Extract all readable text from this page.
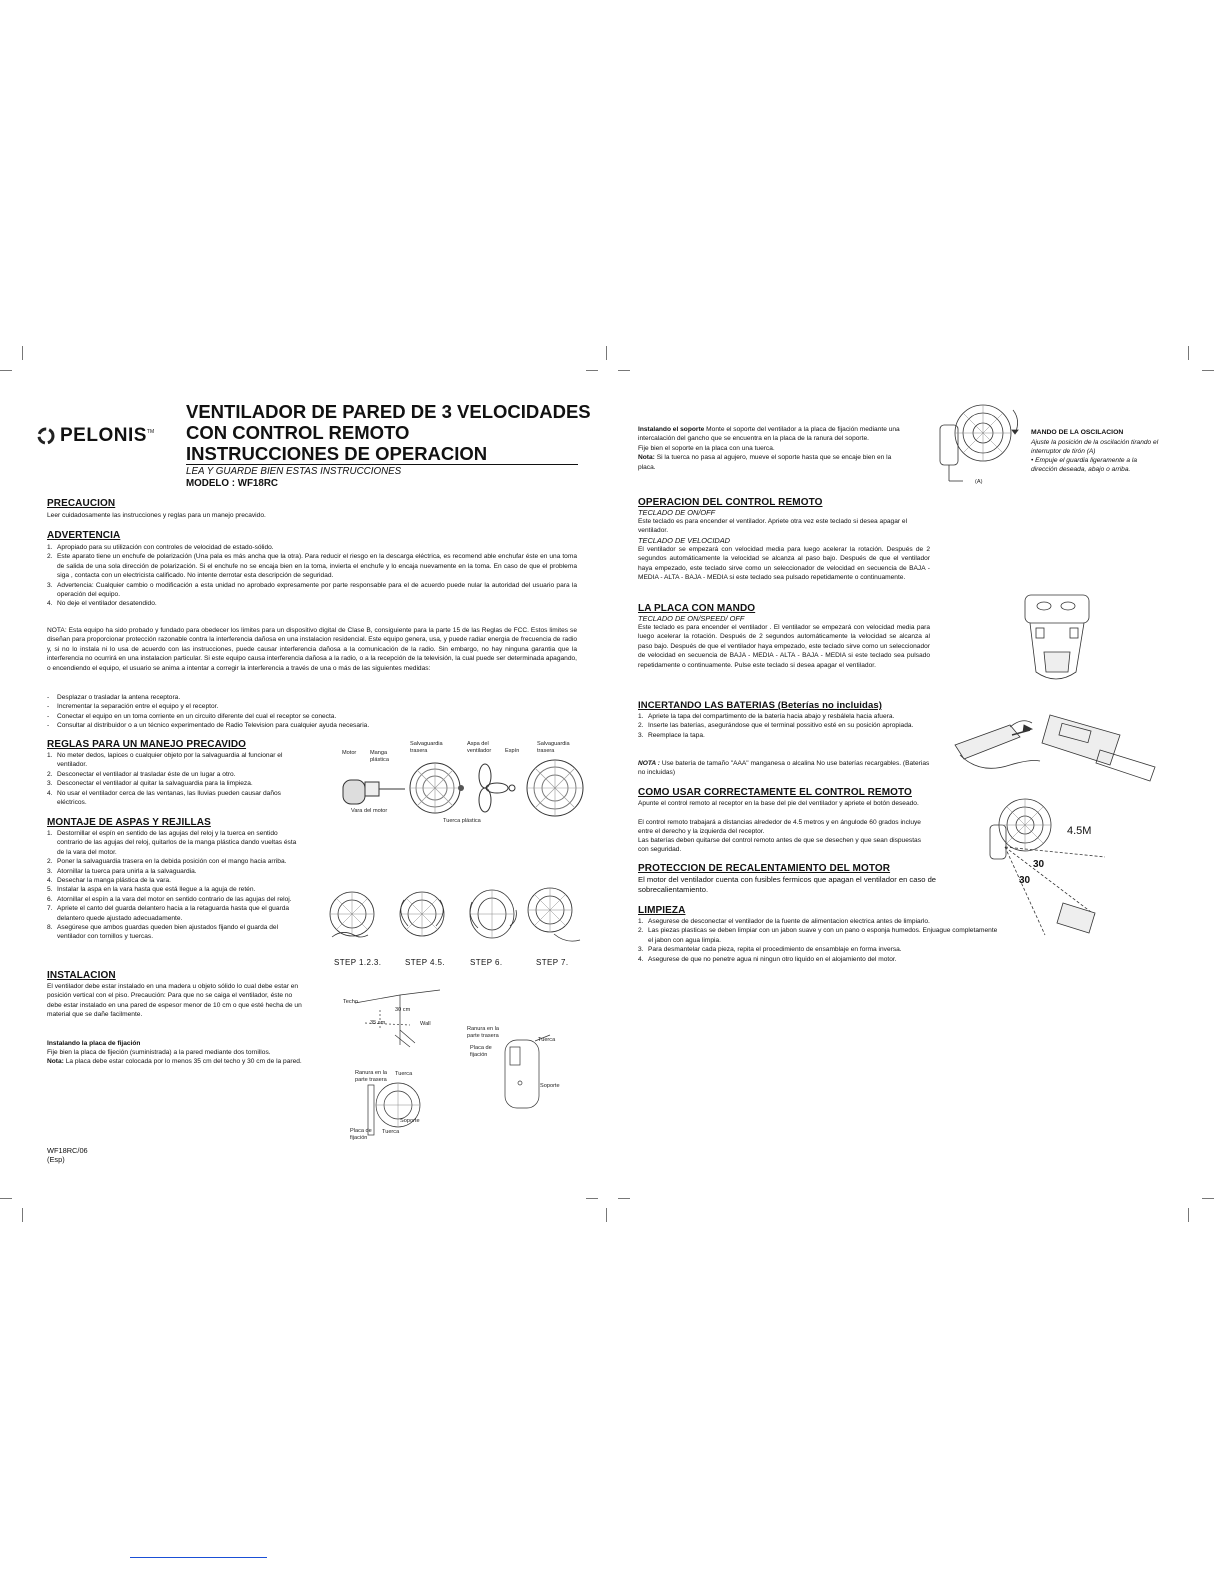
PELONIS TM
VENTILADOR DE PARED DE 3 VELOCIDADES
CON CONTROL REMOTO
INSTRUCCIONES DE OPERACION
LEA Y GUARDE BIEN ESTAS INSTRUCCIONES
MODELO : WF18RC
PRECAUCION
Leer cuidadosamente las instrucciones y reglas para un manejo precavido.
ADVERTENCIA
1. Apropiado para su utilización con controles de velocidad de estado-sólido.
2. Este aparato tiene un enchufe de polarización (Una pala es más ancha que la otra). Para reducir el riesgo en la descarga eléctrica, es recomend able enchufar éste en una toma de salida de una sola dirección de polarización. Si el enchufe no se encaja bien en la toma, invierta el enchufe y lo encaja nuevamente en la toma. En caso de que el problema siga , contacta con un electricista calificado. No intente derrotar esta descripción de seguridad.
3. Advertencia: Cualquier cambio o modificación a esta unidad no aprobado expresamente por parte responsable para el de acuerdo puede nular la autoridad del usuario para la operación del equipo.
4. No deje el ventilador desatendido.
NOTA: Esta equipo ha sido probado y fundado para obedecer los limites para un dispositivo digital de Clase B, consiguiente para la parte 15 de las Reglas de FCC. Estos limites se diseñan para proporcionar protección razonable contra la interferencia dañosa en una instalacion residencial. Este equipo genera, usa, y puede radiar energia de frecuencia de radio y, si no lo instala ni lo usa de acuerdo con las instrucciones, puede causar interferencia dañosa a la comunicación de la radio. Sin embargo, no hay ninguna garantia que la interferencia no ocurrirá en una instalacion particular. Si este equipo causa interferencia dañosa a la radio, o a la recepción de la televisión, la cual puede ser determinada apagando, o encendiendo el equipo, el usuario se anima a intentar a corregir la interferencia a través de una o más de las siguientes medidas:
-	Desplazar o trasladar la antena receptora.
-	Incrementar la separación entre el equipo y el receptor.
-	Conectar el equipo en un toma corriente en un circuito diferente del cual el receptor se conecta.
-	Consultar al distribuidor o a un técnico experimentado de Radio Television para cualquier ayuda necesaria.
REGLAS PARA UN MANEJO PRECAVIDO
1. No meter dedos, lapices o cualquier objeto por la salvaguardia al funcionar el ventilador.
2. Desconectar el ventilador al trasladar éste de un lugar a otro.
3. Desconectar el ventilador al quitar la salvaguardia para la limpieza.
4. No usar el ventilador cerca de las ventanas, las lluvias pueden causar daños eléctricos.
Motor Manga plástica
Salvaguardia trasera
Aspa del ventilador	Espín
Salvaguardia trasera
Vara del motor
Tuerca plástica
MONTAJE DE ASPAS Y REJILLAS
1. Destornillar el espín en sentido de las agujas del reloj y la tuerca en sentido contrario de las agujas del reloj, quitarlos de la manga plástica dando vueltas ésta de la vara del motor.
2. Poner la salvaguardia trasera en la debida posición con el mango hacia arriba.
3. Atornillar la tuerca para unirla a la salvaguardia.
4. Desechar la manga plástica de la vara.
5. Instalar la aspa en la vara hasta que está llegue a la aguja de retén.
6. Atornillar el espín a la vara del motor en sentido contrario de las agujas del reloj.
7. Apriete el canto del guarda delantero hacia a la retaguarda hasta que el guarda delantero quede ajustado adecuadamente.
8. Asegúrese que ambos guardas queden bien ajustados fijando el guarda del ventilador con tornillos y tuercas.
STEP 1.2.3.	STEP 4.5.	STEP 6.	STEP 7.
INSTALACION
El ventilador debe estar instalado en una madera u objeto sólido lo cual debe estar en posición vertical con el piso. Precaución: Para que no se caiga el ventilador, éste no debe estar instalado en una pared de espesor menor de 10 cm o que esté hecha de un material que se dañe facilmente.
Instalando la placa de fijación
Fije bien la placa de fijeción (suministrada) a la pared mediante dos tornillos.
Nota: La placa debe estar colocada por lo menos 35 cm del techo y 30 cm de la pared.
Techo
30 cm
35 cm	Wall
Ranura en la parte trasera
Tuerca
Placa de fijación
Soporte
Ranura en la parte trasera
Tuerca
Soporte
Placa de fijación
Tuerca
WF18RC/06
(Esp)
Instalando el soporte Monte el soporte del ventilador a la placa de fijación mediante una intercalación del gancho que se encuentra en la placa de la ranura del soporte.
Fije bien el soporte en la placa con una tuerca.
Nota: Si la tuerca no pasa al agujero, mueve el soporte hasta que se encaje bien en la placa.
(A)
MANDO DE LA OSCILACION
Ajuste la posición de la oscilación tirando el interruptor de tirón (A)
• Empuje el guardia ligeramente a la dirección deseada, abajo o arriba.
OPERACION DEL CONTROL REMOTO
TECLADO DE ON/OFF
Este teclado es para encender el ventilador. Apriete otra vez este teclado si desea apagar el ventilador.
TECLADO DE VELOCIDAD
El ventilador se empezará con velocidad media para luego acelerar la rotación. Después de 2 segundos automáticamente la velocidad se alcanza al paso bajo. Después de que el ventilador haya empezado, este teclado sirve como un seleccionador de velocidad en secuencia de BAJA - MEDIA - ALTA - BAJA - MEDIA si este teclado sea pulsado repetidamente o continuamente.
LA PLACA CON MANDO
TECLADO DE ON/SPEED/ OFF
Este teclado es para encender el ventilador . El ventilador se empezará con velocidad media para luego acelerar la rotación. Después de 2 segundos automáticamente la velocidad se alcanza al paso bajo. Después de que el ventilador haya empezado, este teclado sirve como un seleccionador de velocidad en secuencia de BAJA - MEDIA - ALTA - BAJA - MEDIA si este teclado sea pulsado repetidamente o continuamente. Pulse este teclado si desea apagar el ventilador.
INCERTANDO LAS BATERIAS (Beterías no incluidas)
1. Apriete la tapa del compartimento de la batería hacia abajo y resbálela hacia afuera.
2. Inserte las baterías, asegurándose que el terminal possitivo esté en su posición apropiada.
3. Reemplace la tapa.
NOTA : Use batería de tamaño "AAA" manganesa o alcalina No use baterías recargables. (Baterias no incluidas)
COMO USAR CORRECTAMENTE EL CONTROL REMOTO
Apunte el control remoto al receptor en la base del pie del ventilador y apriete el botón deseado.
El control remoto trabajará a distancias alrededor de 4.5 metros y en ángulode 60 grados incluye entre el derecho y la izquierda del receptor.
Las baterías deben quitarse del control remoto antes de que se desechen y que sean dispuestas con seguridad.
4.5M
30
30
PROTECCION DE RECALENTAMIENTO DEL MOTOR
El motor del ventilador cuenta con fusibles fermicos que apagan el ventilador en caso de sobrecalientamiento.
LIMPIEZA
1. Asegurese de desconectar el ventilador de la fuente de alimentacion electrica antes de limpiarlo.
2. Las piezas plasticas se deben limpiar con un jabon suave y con un pano o esponja humedos. Enjuague completamente el jabon con agua limpia.
3. Para desmantelar cada pieza, repita el procedimiento de ensamblaje en forma inversa.
4. Asegurese de que no penetre agua ni ningun otro liquido en el alojamiento del motor.
